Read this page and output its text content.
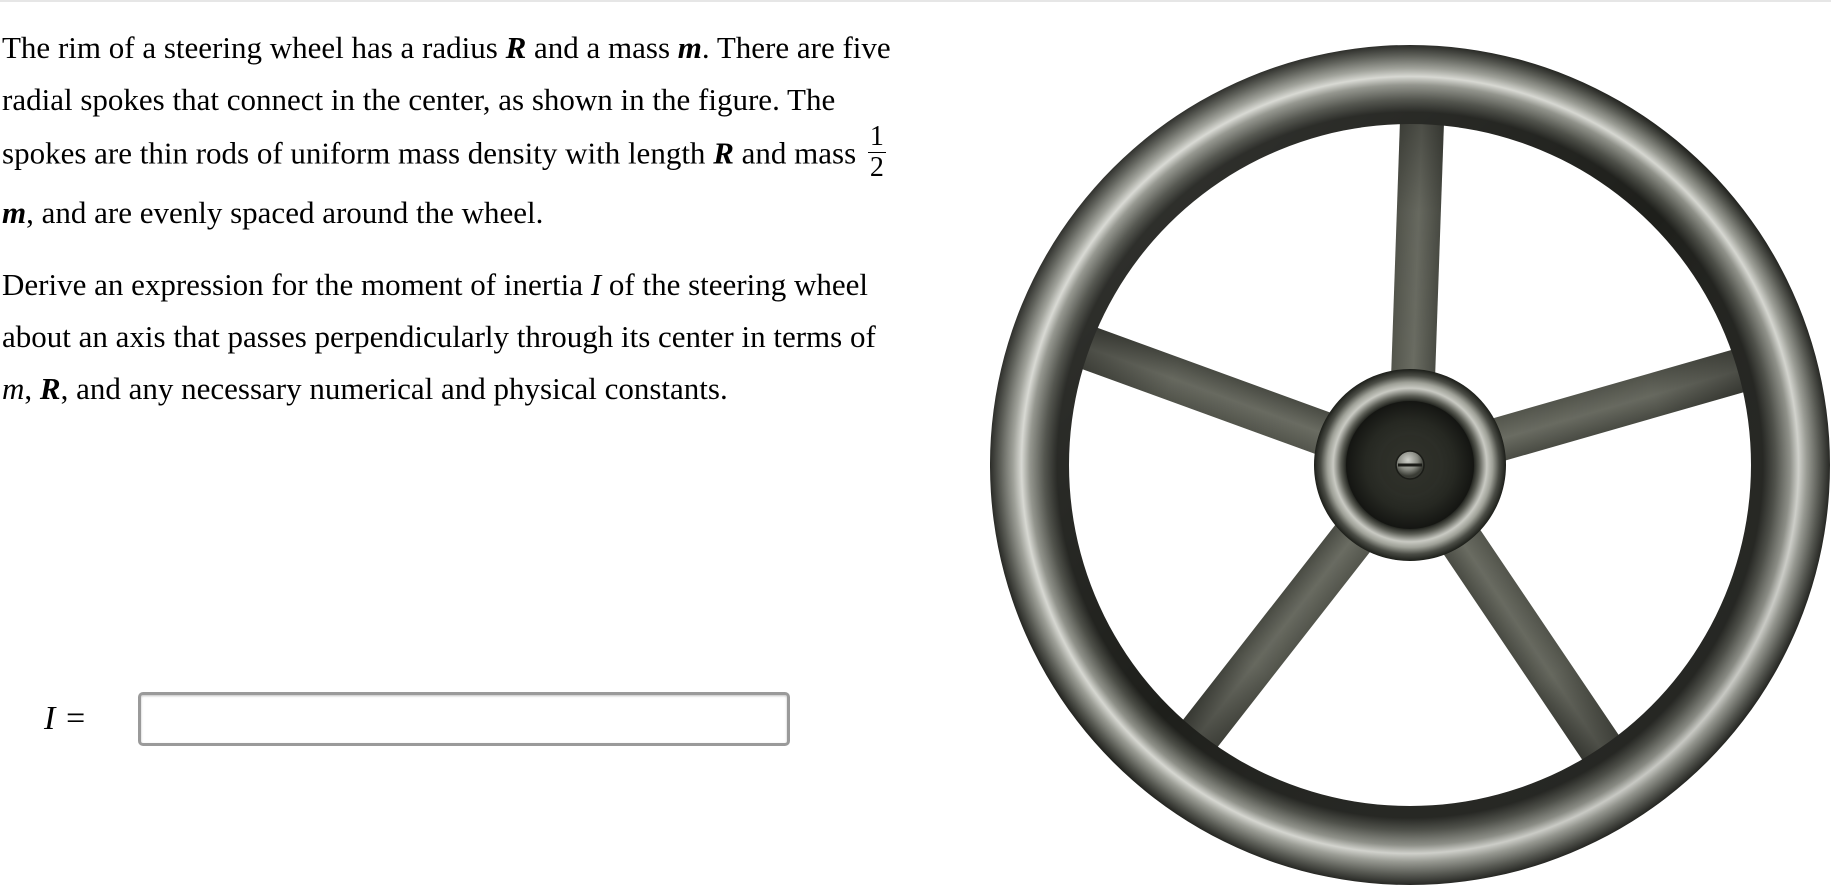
The rim of a steering wheel has a radius R and a mass m. There are five radial spokes that connect in the center, as shown in the figure. The spokes are thin rods of uniform mass density with length R and mass $\frac{1}{2}$
m, and are evenly spaced around the wheel.

Derive an expression for the moment of inertia I of the steering wheel about an axis that passes perpendicularly through its center in terms of m, R, and any necessary numerical and physical constants.

I =
